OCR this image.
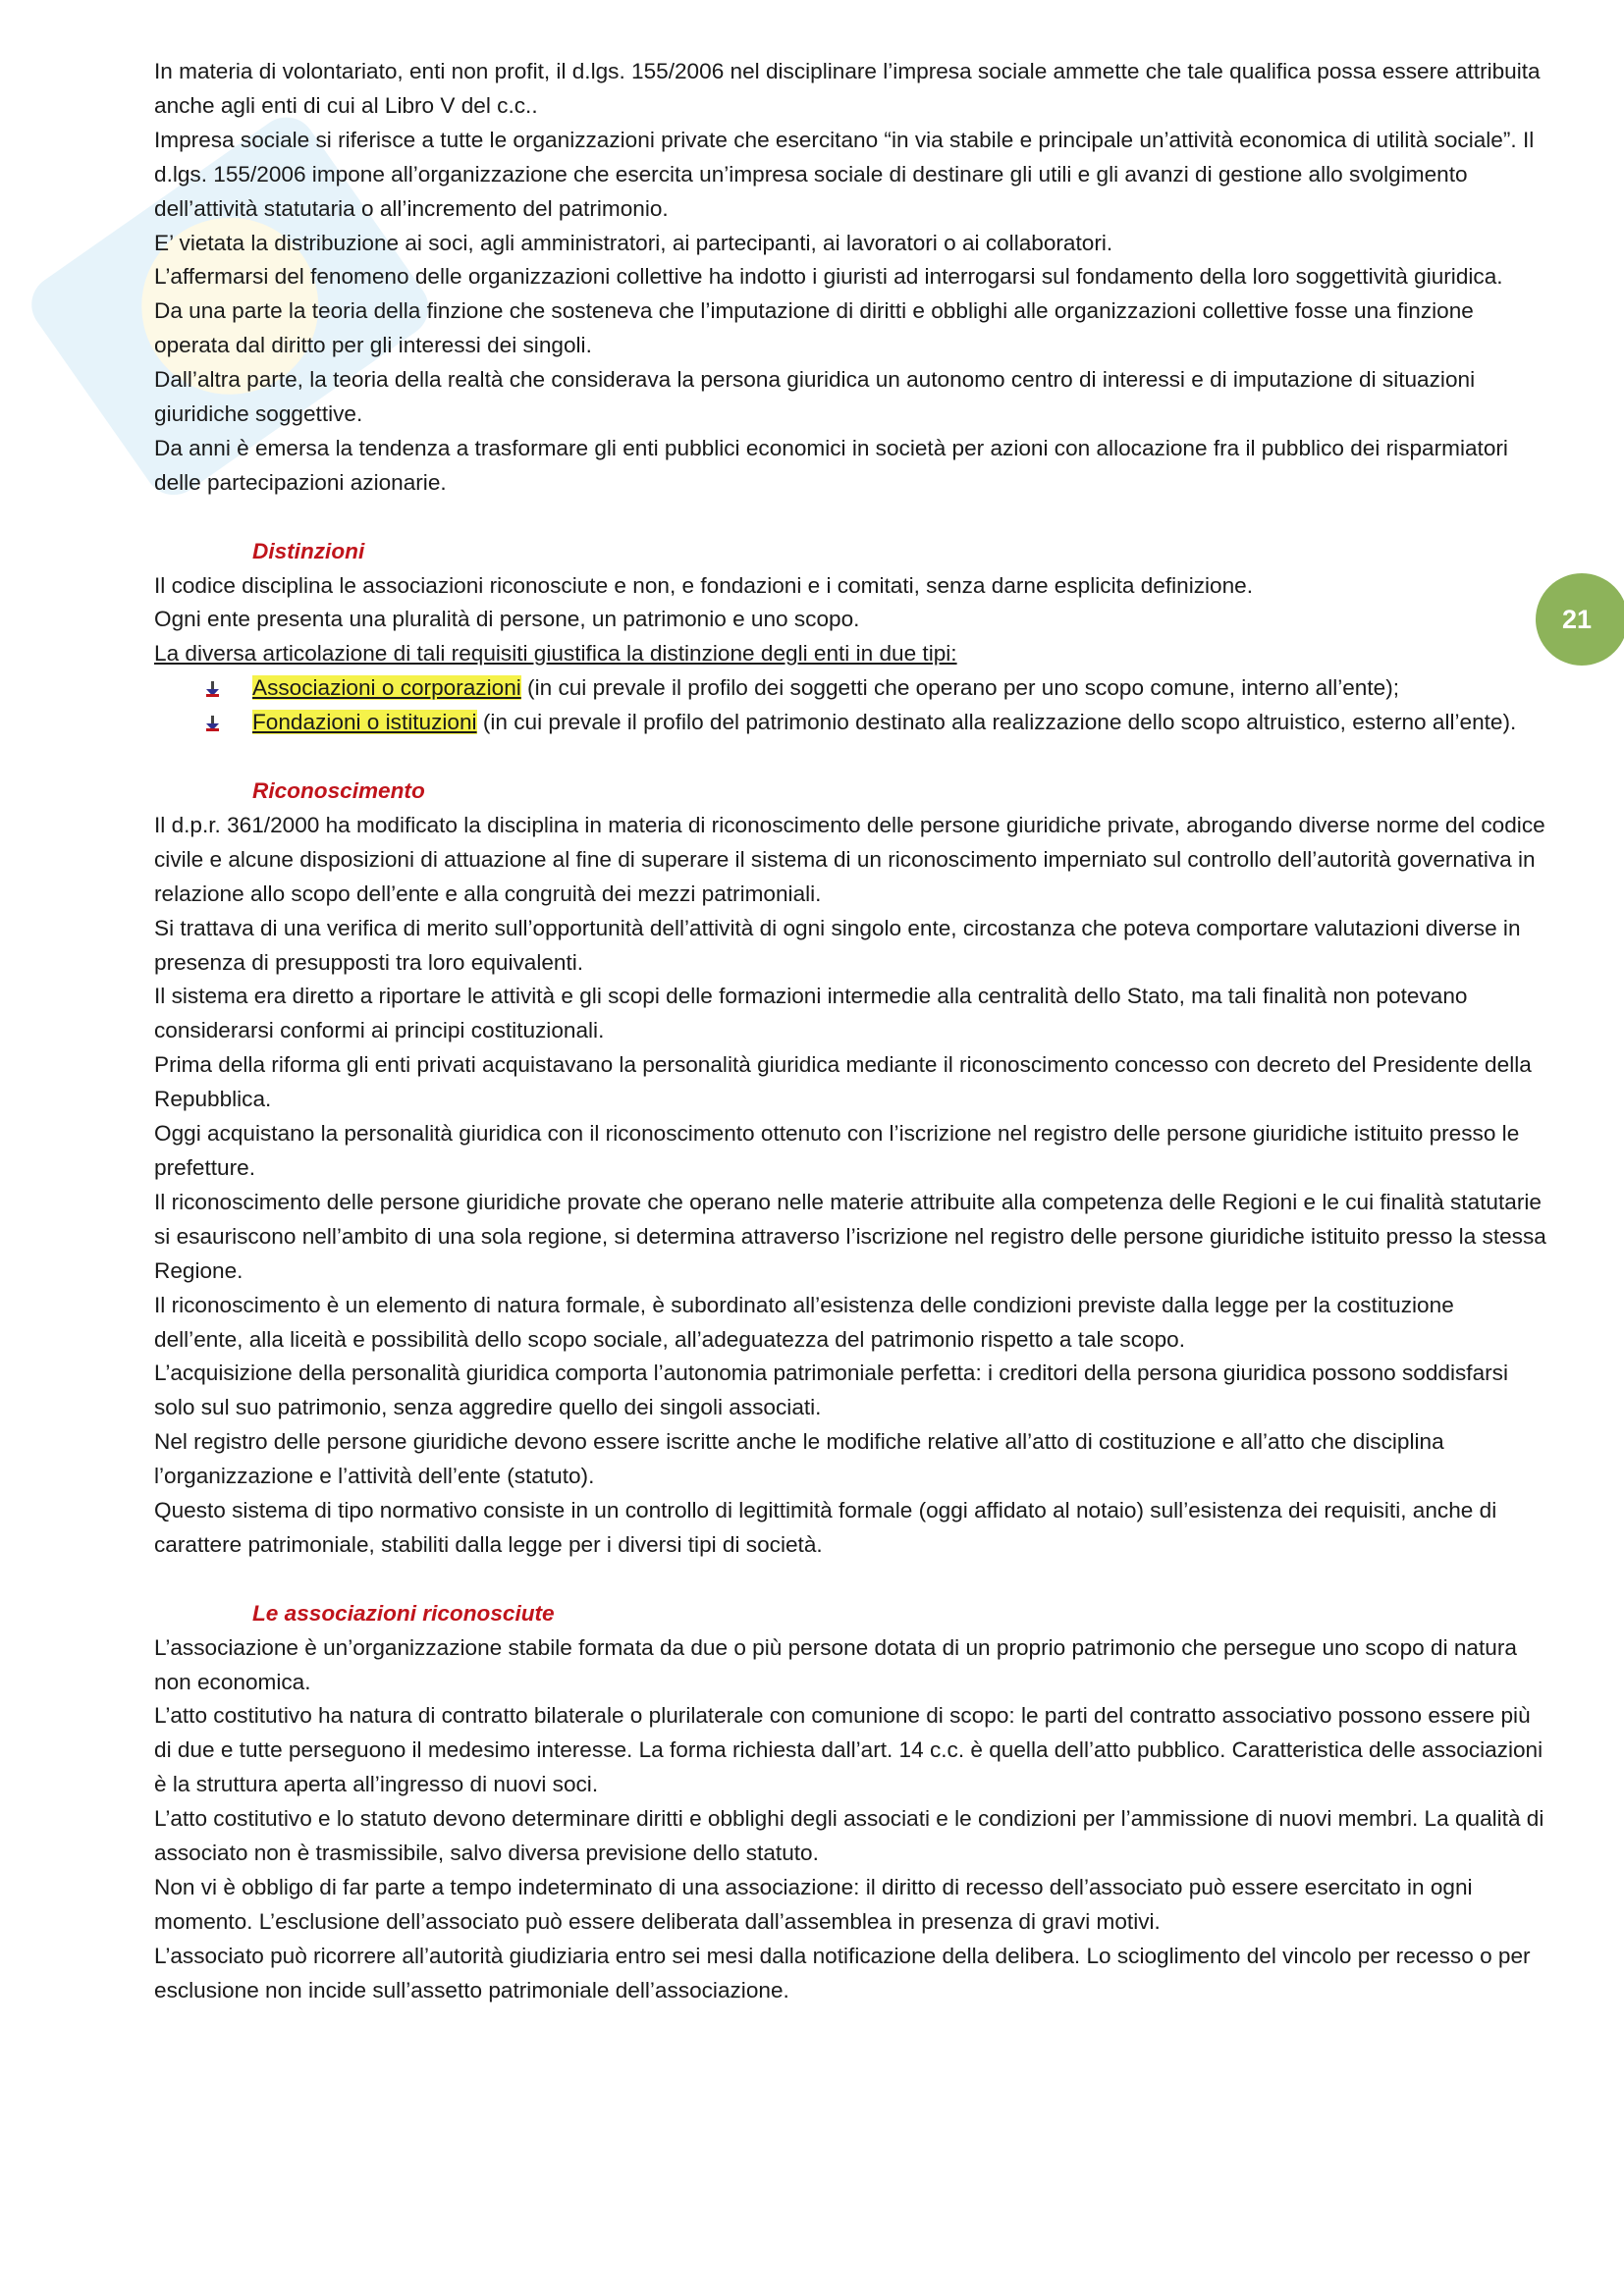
21

In materia di volontariato, enti non profit, il d.lgs. 155/2006 nel disciplinare l’impresa sociale ammette che tale qualifica possa essere attribuita anche agli enti di cui al Libro V del c.c..

Impresa sociale si riferisce a tutte le organizzazioni private che esercitano “in via stabile e principale un’attività economica di utilità sociale”. Il d.lgs. 155/2006 impone all’organizzazione che esercita un’impresa sociale di destinare gli utili e gli avanzi di gestione allo svolgimento dell’attività statutaria o all’incremento del patrimonio.

E’ vietata la distribuzione ai soci, agli amministratori, ai partecipanti, ai lavoratori o ai collaboratori.

L’affermarsi del fenomeno delle organizzazioni collettive ha indotto i giuristi ad interrogarsi sul fondamento della loro soggettività giuridica.

Da una parte la teoria della finzione che sosteneva che l’imputazione di diritti e obblighi alle organizzazioni collettive fosse una finzione operata dal diritto per gli interessi dei singoli.

Dall’altra parte, la teoria della realtà che considerava la persona giuridica un autonomo centro di interessi e di imputazione di situazioni giuridiche soggettive.

Da anni è emersa la tendenza a trasformare gli enti pubblici economici in società per azioni con allocazione fra il pubblico dei risparmiatori delle partecipazioni azionarie.

Distinzioni

Il codice disciplina le associazioni riconosciute e non, e fondazioni e i comitati, senza darne esplicita definizione.

Ogni ente presenta una pluralità di persone, un patrimonio e uno scopo.

La diversa articolazione di tali requisiti giustifica la distinzione degli enti in due tipi:

Associazioni o corporazioni (in cui prevale il profilo dei soggetti che operano per uno scopo comune, interno all’ente);
Fondazioni o istituzioni (in cui prevale il profilo del patrimonio destinato alla realizzazione dello scopo altruistico, esterno all’ente).

Riconoscimento

Il d.p.r. 361/2000 ha modificato la disciplina in materia di riconoscimento delle persone giuridiche private, abrogando diverse norme del codice civile e alcune disposizioni di attuazione al fine di superare il sistema di un riconoscimento imperniato sul controllo dell’autorità governativa in relazione allo scopo dell’ente e alla congruità dei mezzi patrimoniali.

Si trattava di una verifica di merito sull’opportunità dell’attività di ogni singolo ente, circostanza che poteva comportare valutazioni diverse in presenza di presupposti tra loro equivalenti.

Il sistema era diretto a riportare le attività e gli scopi delle formazioni intermedie alla centralità dello Stato, ma tali finalità non potevano considerarsi conformi ai principi costituzionali.

Prima della riforma gli enti privati acquistavano la personalità giuridica mediante il riconoscimento concesso con decreto del Presidente della Repubblica.

Oggi acquistano la personalità giuridica con il riconoscimento ottenuto con l’iscrizione nel registro delle persone giuridiche istituito presso le prefetture.

Il riconoscimento delle persone giuridiche provate che operano nelle materie attribuite alla competenza delle Regioni e le cui finalità statutarie si esauriscono nell’ambito di una sola regione, si determina attraverso l’iscrizione nel registro delle persone giuridiche istituito presso la stessa Regione.

Il riconoscimento è un elemento di natura formale, è subordinato all’esistenza delle condizioni previste dalla legge per la costituzione dell’ente, alla liceità e possibilità dello scopo sociale, all’adeguatezza del patrimonio rispetto a tale scopo.

L’acquisizione della personalità giuridica comporta l’autonomia patrimoniale perfetta: i creditori della persona giuridica possono soddisfarsi solo sul suo patrimonio, senza aggredire quello dei singoli associati.

Nel registro delle persone giuridiche devono essere iscritte anche le modifiche relative all’atto di costituzione e all’atto che disciplina l’organizzazione e l’attività dell’ente (statuto).

Questo sistema di tipo normativo consiste in un controllo di legittimità formale (oggi affidato al notaio) sull’esistenza dei requisiti, anche di carattere patrimoniale, stabiliti dalla legge per i diversi tipi di società.

Le associazioni riconosciute

L’associazione è un’organizzazione stabile formata da due o più persone dotata di un proprio patrimonio che persegue uno scopo di natura non economica.

L’atto costitutivo ha natura di contratto bilaterale o plurilaterale con comunione di scopo: le parti del contratto associativo possono essere più di due e tutte perseguono il medesimo interesse. La forma richiesta dall’art. 14 c.c. è quella dell’atto pubblico. Caratteristica delle associazioni è la struttura aperta all’ingresso di nuovi soci.

L’atto costitutivo e lo statuto devono determinare diritti e obblighi degli associati e le condizioni per l’ammissione di nuovi membri. La qualità di associato non è trasmissibile, salvo diversa previsione dello statuto.

Non vi è obbligo di far parte a tempo indeterminato di una associazione: il diritto di recesso dell’associato può essere esercitato in ogni momento. L’esclusione dell’associato può essere deliberata dall’assemblea in presenza di gravi motivi.

L’associato può ricorrere all’autorità giudiziaria entro sei mesi dalla notificazione della delibera. Lo scioglimento del vincolo per recesso o per esclusione non incide sull’assetto patrimoniale dell’associazione.
